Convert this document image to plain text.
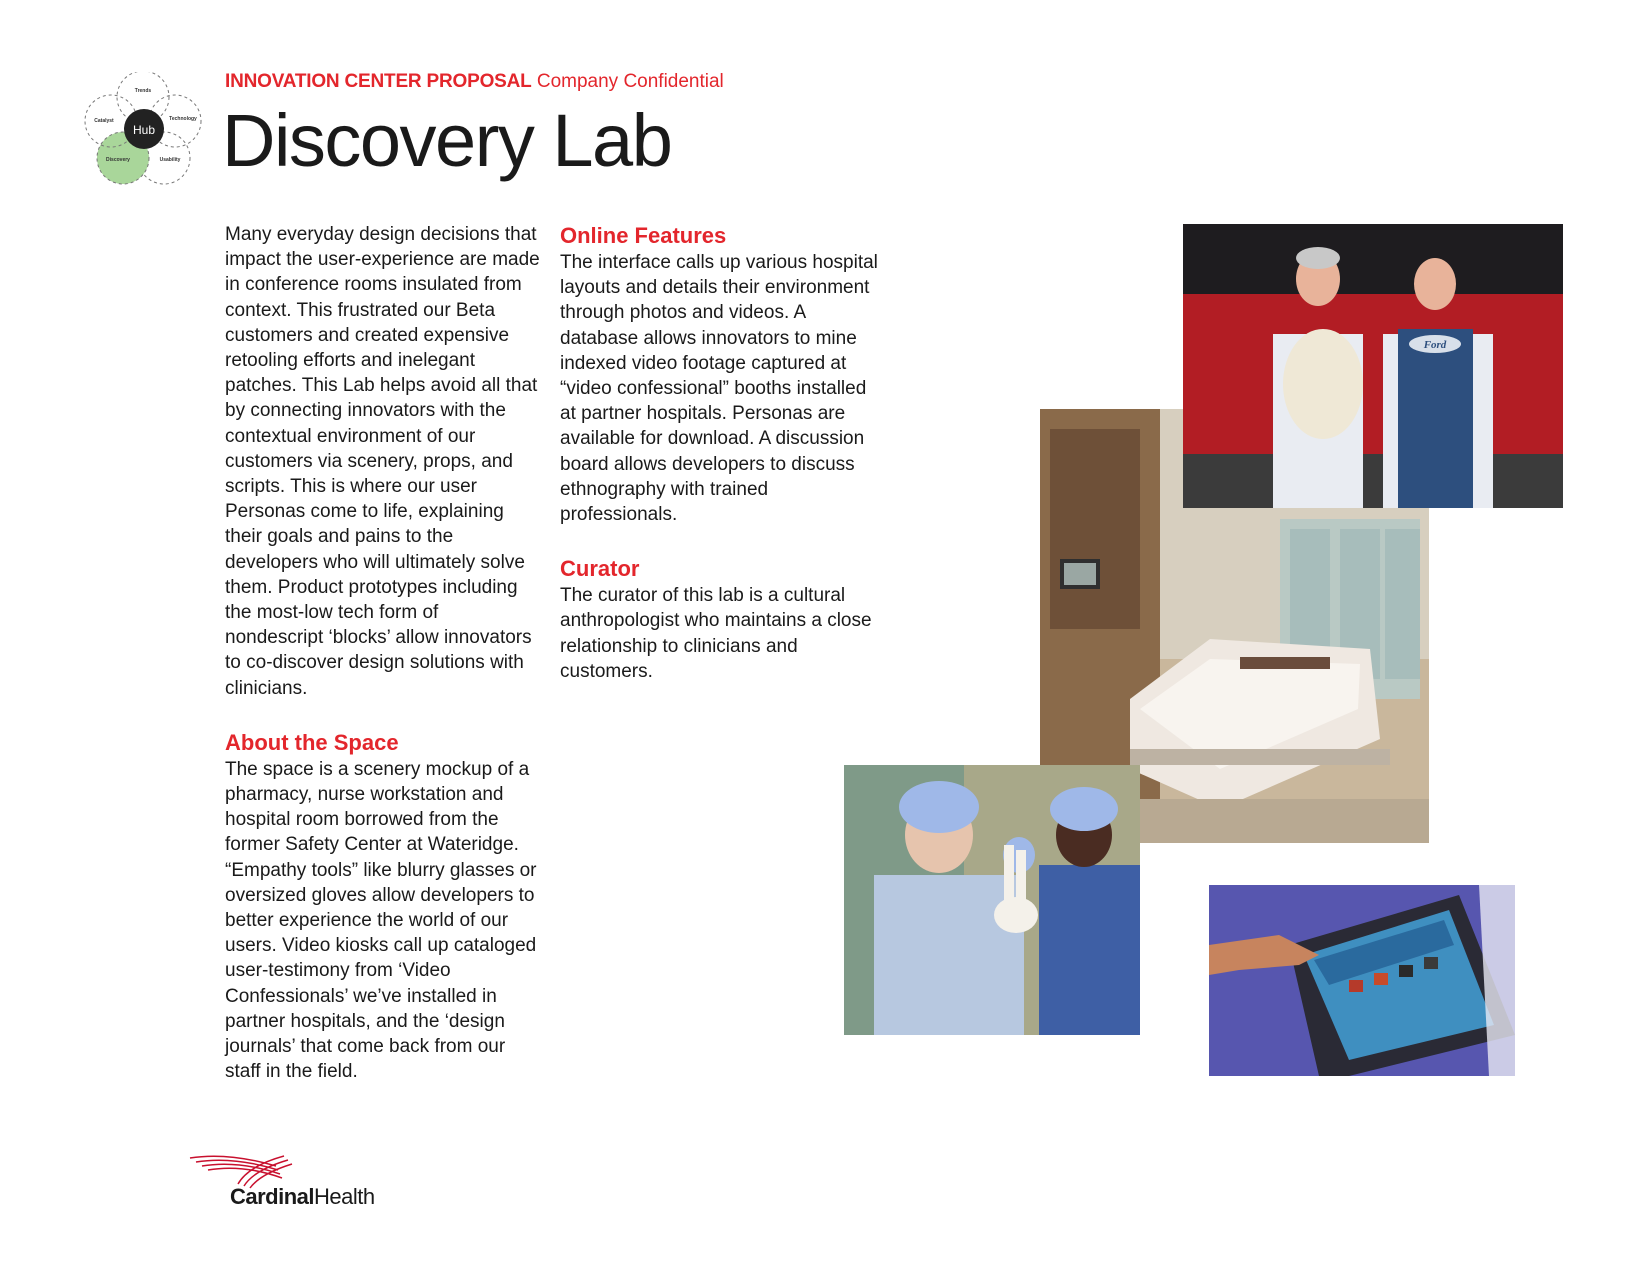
Hub
Trends
Technology
Usability
Discovery
Catalyst
INNOVATION CENTER PROPOSAL Company Confidential
Discovery Lab

Many everyday design decisions that impact the user-experience are made in conference rooms insulated from context. This frustrated our Beta customers and created expensive retooling efforts and inelegant patches. This Lab helps avoid all that by connecting innovators with the contextual environment of our customers via scenery, props, and scripts. This is where our user Personas come to life, explaining their goals and pains to the developers who will ultimately solve them. Product prototypes including the most-low tech form of nondescript ‘blocks’ allow innovators to co-discover design solutions with clinicians.

About the Space

The space is a scenery mockup of a pharmacy, nurse workstation and hospital room borrowed from the former Safety Center at Wateridge. “Empathy tools” like blurry glasses or oversized gloves allow developers to better experience the world of our users. Video kiosks call up cataloged user-testimony from ‘Video Confessionals’ we’ve installed in partner hospitals, and the ‘design journals’ that come back from our staff in the field.

Online Features

The interface calls up various hospital layouts and details their environment through photos and videos. A database allows innovators to mine indexed video footage captured at “video confessional” booths installed at partner hospitals. Personas are available for download. A discussion board allows developers to discuss ethnography with trained professionals.

Curator

The curator of this lab is a cultural anthropologist who maintains a close relationship to clinicians and customers.

Ford
CardinalHealth
